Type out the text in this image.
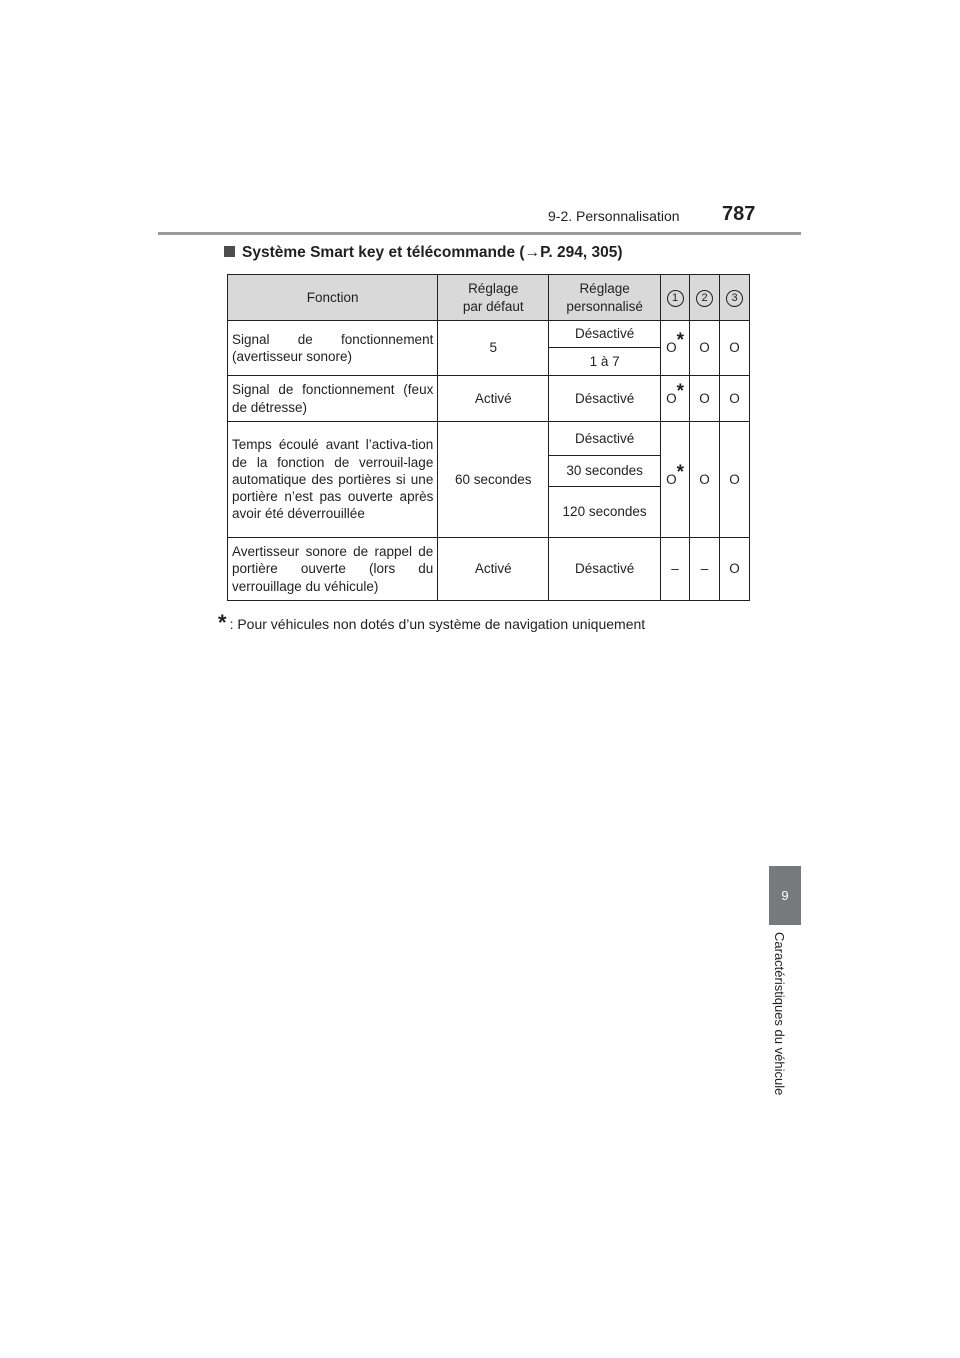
9-2. Personnalisation 787
Système Smart key et télécommande (→P. 294, 305)
Fonction	Réglage par défaut	Réglage personnalisé	1	2	3
Signal de fonctionnement (avertisseur sonore)	5	Désactivé	O*	O	O
		1 à 7			
Signal de fonctionnement (feux de détresse)	Activé	Désactivé	O*	O	O
Temps écoulé avant l’activa-tion de la fonction de verrouil-lage automatique des portières si une portière n’est pas ouverte après avoir été déverrouillée	60 secondes	Désactivé	O*	O	O
		30 secondes			
		120 secondes			
Avertisseur sonore de rappel de portière ouverte (lors du verrouillage du véhicule)	Activé	Désactivé	–	–	O
* : Pour véhicules non dotés d’un système de navigation uniquement
9
Caractéristiques du véhicule
